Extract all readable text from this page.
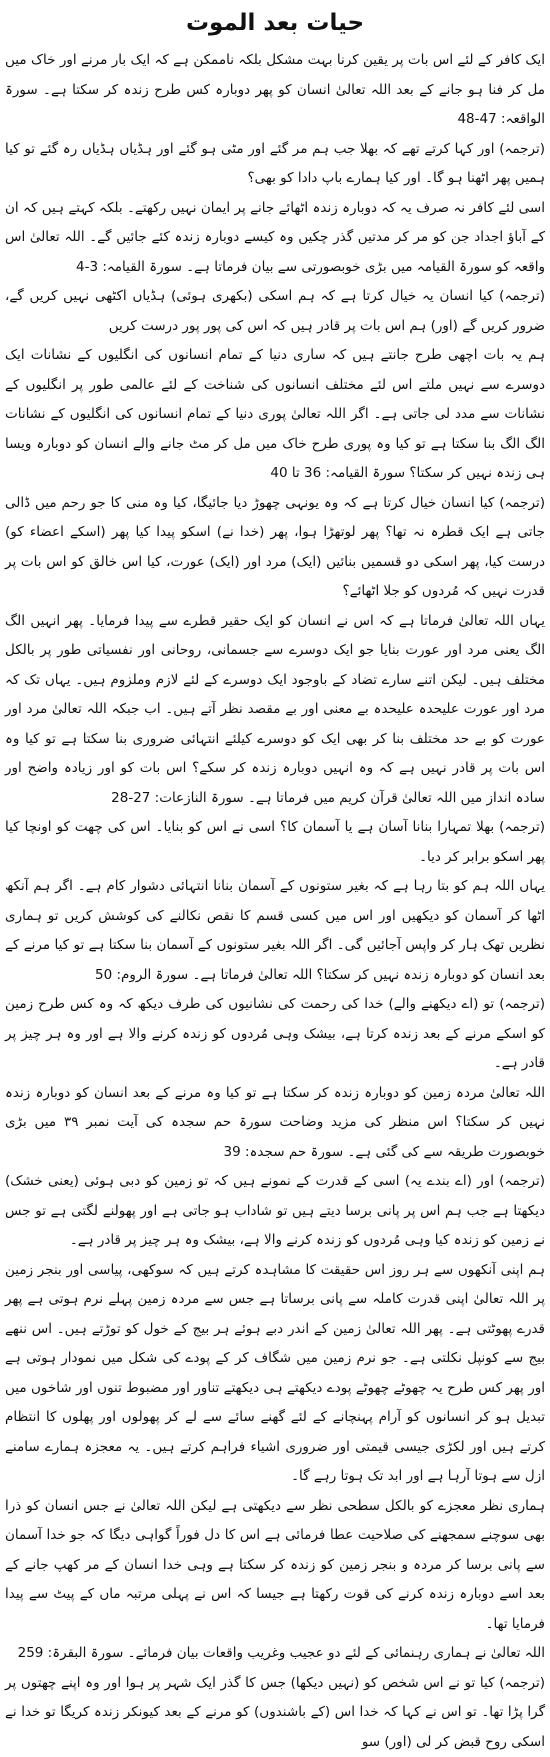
حیات بعد الموت

ایک کافر کے لئے اس بات پر یقین کرنا بہت مشکل بلکہ ناممکن ہے کہ ایک بار مرنے اور خاک میں مل کر فنا ہو جانے کے بعد اللہ تعالیٰ انسان کو پھر دوبارہ کس طرح زندہ کر سکتا ہے۔ سورۃ الواقعہ: 47-48

(ترجمہ) اور کہا کرتے تھے کہ بھلا جب ہم مر گئے اور مٹی ہو گئے اور ہڈیاں ہڈیاں رہ گئے تو کیا ہمیں پھر اٹھنا ہو گا۔ اور کیا ہمارے باپ دادا کو بھی؟

اسی لئے کافر نہ صرف یہ کہ دوبارہ زندہ اٹھائے جانے پر ایمان نہیں رکھتے۔ بلکہ کہتے ہیں کہ ان کے آباؤ اجداد جن کو مر کر مدتیں گذر چکیں وہ کیسے دوبارہ زندہ کئے جائیں گے۔ اللہ تعالیٰ اس واقعہ کو سورۃ القیامہ میں بڑی خوبصورتی سے بیان فرماتا ہے۔ سورۃ القیامہ: 3-4

(ترجمہ) کیا انسان یہ خیال کرتا ہے کہ ہم اسکی (بکھری ہوئی) ہڈیاں اکٹھی نہیں کریں گے، ضرور کریں گے (اور) ہم اس بات پر قادر ہیں کہ اس کی پور پور درست کریں

ہم یہ بات اچھی طرح جانتے ہیں کہ ساری دنیا کے تمام انسانوں کی انگلیوں کے نشانات ایک دوسرے سے نہیں ملتے اس لئے مختلف انسانوں کی شناخت کے لئے عالمی طور پر انگلیوں کے نشانات سے مدد لی جاتی ہے۔ اگر اللہ تعالیٰ پوری دنیا کے تمام انسانوں کی انگلیوں کے نشانات الگ الگ بنا سکتا ہے تو کیا وہ پوری طرح خاک میں مل کر مٹ جانے والے انسان کو دوبارہ ویسا ہی زندہ نہیں کر سکتا؟ سورۃ القیامہ: 36 تا 40

(ترجمہ) کیا انسان خیال کرتا ہے کہ وہ یونہی چھوڑ دیا جائیگا، کیا وہ منی کا جو رحم میں ڈالی جاتی ہے ایک قطرہ نہ تھا؟ پھر لوتھڑا ہوا، پھر (خدا نے) اسکو پیدا کیا پھر (اسکے اعضاء کو) درست کیا، پھر اسکی دو قسمیں بنائیں (ایک) مرد اور (ایک) عورت، کیا اس خالق کو اس بات پر قدرت نہیں کہ مُردوں کو جلا اٹھائے؟

یہاں اللہ تعالیٰ فرماتا ہے کہ اس نے انسان کو ایک حقیر قطرے سے پیدا فرمایا۔ پھر انہیں الگ الگ یعنی مرد اور عورت بنایا جو ایک دوسرے سے جسمانی، روحانی اور نفسیاتی طور پر بالکل مختلف ہیں۔ لیکن اتنے سارے تضاد کے باوجود ایک دوسرے کے لئے لازم وملزوم ہیں۔ یہاں تک کہ مرد اور عورت علیحدہ علیحدہ بے معنی اور بے مقصد نظر آتے ہیں۔ اب جبکہ اللہ تعالیٰ مرد اور عورت کو بے حد مختلف بنا کر بھی ایک کو دوسرے کیلئے انتہائی ضروری بنا سکتا ہے تو کیا وہ اس بات پر قادر نہیں ہے کہ وہ انہیں دوبارہ زندہ کر سکے؟ اس بات کو اور زیادہ واضح اور سادہ انداز میں اللہ تعالیٰ قرآن کریم میں فرماتا ہے۔ سورۃ النازعات: 27-28

(ترجمہ) بھلا تمہارا بنانا آسان ہے یا آسمان کا؟ اسی نے اس کو بنایا۔ اس کی چھت کو اونچا کیا پھر اسکو برابر کر دیا۔

یہاں اللہ ہم کو بتا رہا ہے کہ بغیر ستونوں کے آسمان بنانا انتہائی دشوار کام ہے۔ اگر ہم آنکھ اٹھا کر آسمان کو دیکھیں اور اس میں کسی قسم کا نقص نکالنے کی کوشش کریں تو ہماری نظریں تھک ہار کر واپس آجائیں گی۔ اگر اللہ بغیر ستونوں کے آسمان بنا سکتا ہے تو کیا مرنے کے بعد انسان کو دوبارہ زندہ نہیں کر سکتا؟ اللہ تعالیٰ فرماتا ہے۔ سورۃ الروم: 50

(ترجمہ) تو (اے دیکھنے والے) خدا کی رحمت کی نشانیوں کی طرف دیکھ کہ وہ کس طرح زمین کو اسکے مرنے کے بعد زندہ کرتا ہے، بیشک وہی مُردوں کو زندہ کرنے والا ہے اور وہ ہر چیز پر قادر ہے۔

اللہ تعالیٰ مردہ زمین کو دوبارہ زندہ کر سکتا ہے تو کیا وہ مرنے کے بعد انسان کو دوبارہ زندہ نہیں کر سکتا؟ اس منظر کی مزید وضاحت سورۃ حم سجدہ کی آیت نمبر ۳۹ میں بڑی خوبصورت طریقہ سے کی گئی ہے۔ سورۃ حم سجدہ: 39

(ترجمہ) اور (اے بندے یہ) اسی کے قدرت کے نمونے ہیں کہ تو زمین کو دبی ہوئی (یعنی خشک) دیکھتا ہے جب ہم اس پر پانی برسا دیتے ہیں تو شاداب ہو جاتی ہے اور پھولنے لگتی ہے تو جس نے زمین کو زندہ کیا وہی مُردوں کو زندہ کرنے والا ہے، بیشک وہ ہر چیز پر قادر ہے۔

ہم اپنی آنکھوں سے ہر روز اس حقیقت کا مشاہدہ کرتے ہیں کہ سوکھی، پیاسی اور بنجر زمین پر اللہ تعالیٰ اپنی قدرت کاملہ سے پانی برساتا ہے جس سے مردہ زمین پہلے نرم ہوتی ہے پھر قدرے پھوٹتی ہے۔ پھر اللہ تعالیٰ زمین کے اندر دبے ہوئے ہر بیج کے خول کو توڑتے ہیں۔ اس ننھے بیج سے کونپل نکلتی ہے۔ جو نرم زمین میں شگاف کر کے پودے کی شکل میں نمودار ہوتی ہے اور پھر کس طرح یہ چھوٹے چھوٹے پودے دیکھتے ہی دیکھتے تناور اور مضبوط تنوں اور شاخوں میں تبدیل ہو کر انسانوں کو آرام پہنچانے کے لئے گھنے سائے سے لے کر پھولوں اور پھلوں کا انتظام کرتے ہیں اور لکڑی جیسی قیمتی اور ضروری اشیاء فراہم کرتے ہیں۔ یہ معجزہ ہمارے سامنے ازل سے ہوتا آرہا ہے اور ابد تک ہوتا رہے گا۔

ہماری نظر معجزے کو بالکل سطحی نظر سے دیکھتی ہے لیکن اللہ تعالیٰ نے جس انسان کو ذرا بھی سوچنے سمجھنے کی صلاحیت عطا فرمائی ہے اس کا دل فوراً گواہی دیگا کہ جو خدا آسمان سے پانی برسا کر مردہ و بنجر زمین کو زندہ کر سکتا ہے وہی خدا انسان کے مر کھپ جانے کے بعد اسے دوبارہ زندہ کرنے کی قوت رکھتا ہے جیسا کہ اس نے پہلی مرتبہ ماں کے پیٹ سے پیدا فرمایا تھا۔

اللہ تعالیٰ نے ہماری رہنمائی کے لئے دو عجیب وغریب واقعات بیان فرمائے۔ سورۃ البقرۃ: 259

(ترجمہ) کیا تو نے اس شخص کو (نہیں دیکھا) جس کا گذر ایک شہر پر ہوا اور وہ اپنے چھتوں پر گرا پڑا تھا۔ تو اس نے کہا کہ خدا اس (کے باشندوں) کو مرنے کے بعد کیونکر زندہ کریگا تو خدا نے اسکی روح قبض کر لی (اور) سو
